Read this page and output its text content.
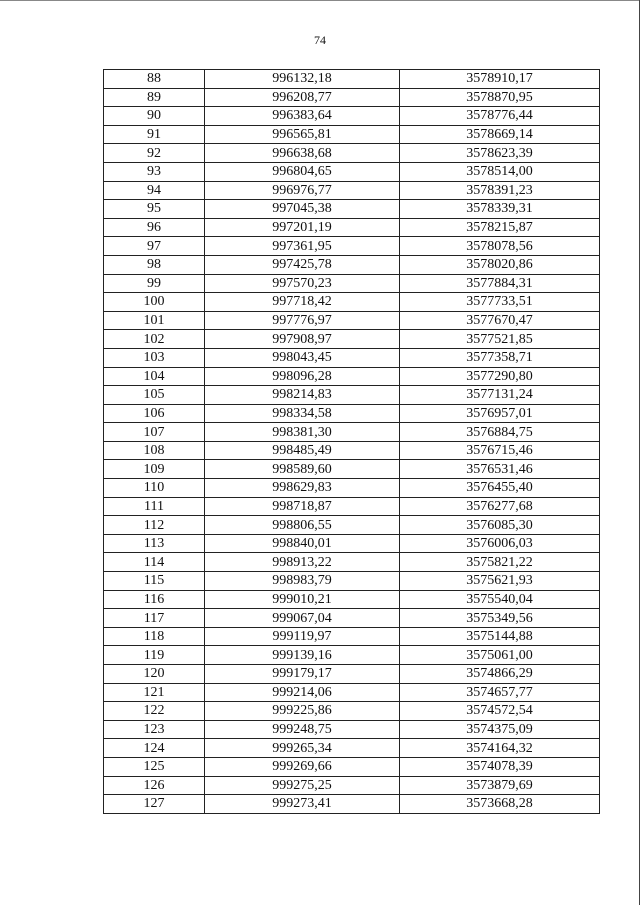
74
88	996132,18	3578910,17
89	996208,77	3578870,95
90	996383,64	3578776,44
91	996565,81	3578669,14
92	996638,68	3578623,39
93	996804,65	3578514,00
94	996976,77	3578391,23
95	997045,38	3578339,31
96	997201,19	3578215,87
97	997361,95	3578078,56
98	997425,78	3578020,86
99	997570,23	3577884,31
100	997718,42	3577733,51
101	997776,97	3577670,47
102	997908,97	3577521,85
103	998043,45	3577358,71
104	998096,28	3577290,80
105	998214,83	3577131,24
106	998334,58	3576957,01
107	998381,30	3576884,75
108	998485,49	3576715,46
109	998589,60	3576531,46
110	998629,83	3576455,40
111	998718,87	3576277,68
112	998806,55	3576085,30
113	998840,01	3576006,03
114	998913,22	3575821,22
115	998983,79	3575621,93
116	999010,21	3575540,04
117	999067,04	3575349,56
118	999119,97	3575144,88
119	999139,16	3575061,00
120	999179,17	3574866,29
121	999214,06	3574657,77
122	999225,86	3574572,54
123	999248,75	3574375,09
124	999265,34	3574164,32
125	999269,66	3574078,39
126	999275,25	3573879,69
127	999273,41	3573668,28
